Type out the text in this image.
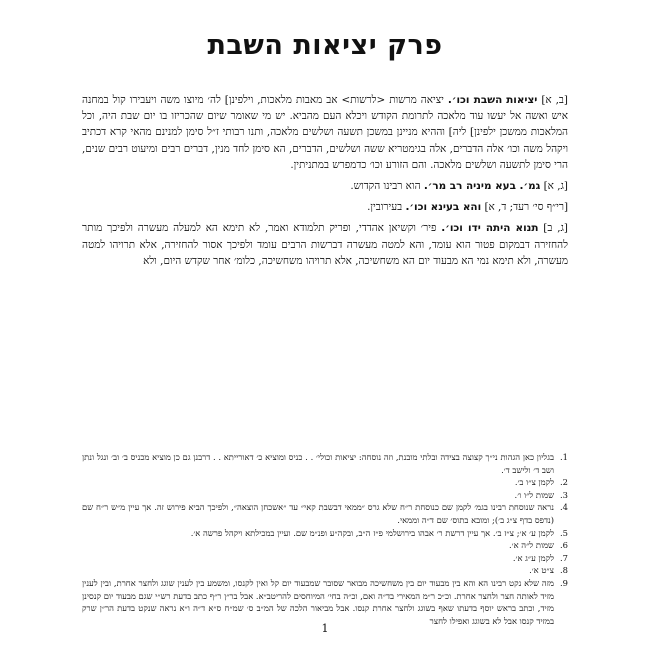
פרק יציאות השבת

[ב, א] יציאות השבת וכו׳. יציאה מרשות <לרשות> אב מאבות מלאכות, וילפינן] לה׳ מיוצו משה ויעבירו קול במחנה איש ואשה אל יעשו עוד מלאכה לתרומת הקודש ויכלא העם מהביא. יש מי שאומר שיום שהכריזו בו יום שבת היה, וכל המלאכות ממשכן ילפינן] ליה] וההיא מניינן במשכן תשעה ושלשים מלאכה, ותנו רבותי ז״ל סימן למנינם מהאי קרא דכתיב ויקהל משה וכו׳ אלה הדברים, אלה בגימטריא ששה ושלשים, הדברים, הא סימן לחד מנין, דברים רבים ומיעוט רבים שנים, הרי סימן לתשעה ושלשים מלאכה. והם הזורע וכו׳ כדמפרש במתניתין.

[ג, א] גמ׳. בעא מיניה רב מר׳. הוא רבינו הקדוש.

[רי״ף סי׳ רעד; ד, א] והא בעינא וכו׳. בעירובין.

[ג, ב] תנוא היתה ידו וכו׳. פיר׳ וקשיאן אהדדי, ופריק תלמודא ואמר, לא תימא הא למעלה מעשרה ולפיכך מותר להחזירה דבמקום פטור הוא עומד, והא למטה מעשרה דברשות הרבים עומד ולפיכך אסור להחזירה, אלא תרויהו למטה מעשרה, ולא תימא נמי הא מבעוד יום הא משחשיכה, אלא תרויהו משחשיכה, כלומ׳ אחר שקדש היום, ולא

1.
בגליון כאן הגהות ני״ך קצוצה בצידה ובלתי מובנת, וזה נוסחה: יציאות וכולי׳ . . כניס ומוציא כ׳ דאורייתא . . דרבנן גם כן מוציא מכניס ב׳ וב׳ ונגל ונתן ושב ד׳ ולישב ד׳.
2.
לקמן צ״ו ב׳.
3.
שמות ל״ו ו׳.
4.
נראה שנוסחת רבינו בגמ׳ לקמן שם כנוסחת ר״ח שלא גרס ״ממאי דבשבת קאי״ עד ״אשכחן הוצאה״, ולפיכך הביא פירוש זה. אך עיין מ״ש ר״ח שם (נדפס בדף צ״ג ב׳); ומובא בתוס׳ שם ד״ה וממאי.
5.
לקמן ע׳ א׳; צ״ז ב׳. אך עיין דרשת ר׳ אבהו בירושלמי פ״ז ה״ב, ובקה״ע ופנ״מ שם. ועיין במכילתא ויקהל פרשה א׳.
6.
שמות ל״ה א׳.
7.
לקמן ע״ג א׳.
8.
צ״ט א׳.
9.
מזה שלא נקט רבינו הא והא בין מבעוד יום בין משחשיכה מבואר שסובר שמבעוד יום קל ואין לקנסו, ומשמע בין לענין שוגג ולחצר אחרת, ובין לענין מזיד לאותה חצר ולחצר אחרת. וכ״כ ר״מ המאירי בד״ה ואם, וכ״ה בחי׳ המיוחסים להריטב״א. אבל בר״ן ר״ף כתב בדעת רש״י שגם מבעוד יום קנסינן מזיד, וכתב בראש יוסף בדעתו שאף בשוגג ולחצר אחרת קנסו. אבל מביאור הלכה של המ״ב ס׳ שמ״ח ס״א ד״ה ו״א נראה שנקט בדעת הר״ן שרק במזיד קנסו אבל לא בשוגג ואפילו לחצר
1
